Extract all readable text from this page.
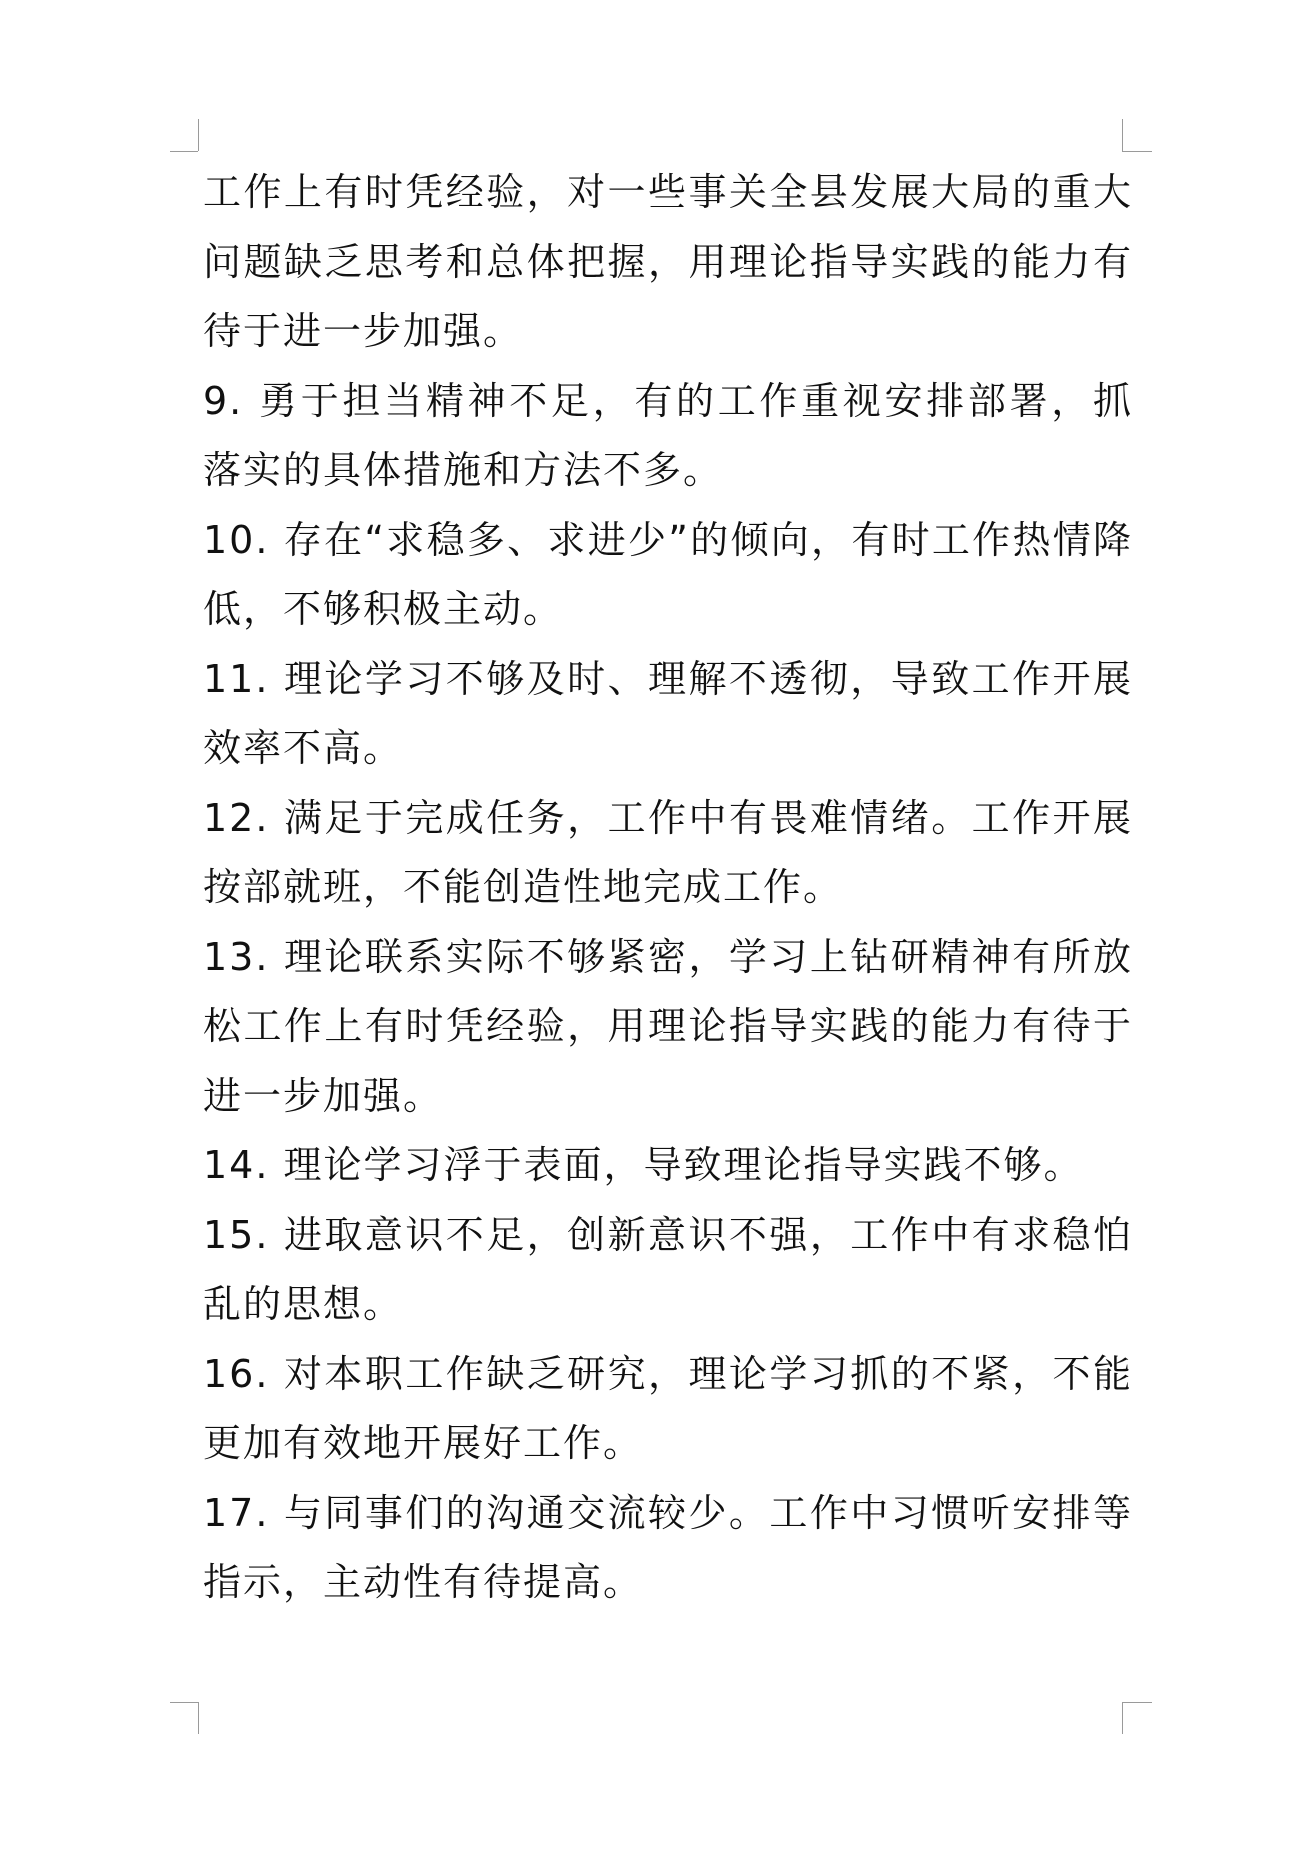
工作上有时凭经验，对一些事关全县发展大局的重大问题缺乏思考和总体把握，用理论指导实践的能力有待于进一步加强。

9. 勇于担当精神不足，有的工作重视安排部署，抓落实的具体措施和方法不多。

10. 存在“求稳多、求进少”的倾向，有时工作热情降低，不够积极主动。

11. 理论学习不够及时、理解不透彻，导致工作开展效率不高。

12. 满足于完成任务，工作中有畏难情绪。工作开展按部就班，不能创造性地完成工作。

13. 理论联系实际不够紧密，学习上钻研精神有所放松工作上有时凭经验，用理论指导实践的能力有待于进一步加强。

14. 理论学习浮于表面，导致理论指导实践不够。

15. 进取意识不足，创新意识不强，工作中有求稳怕乱的思想。

16. 对本职工作缺乏研究，理论学习抓的不紧，不能更加有效地开展好工作。

17. 与同事们的沟通交流较少。工作中习惯听安排等指示，主动性有待提高。
